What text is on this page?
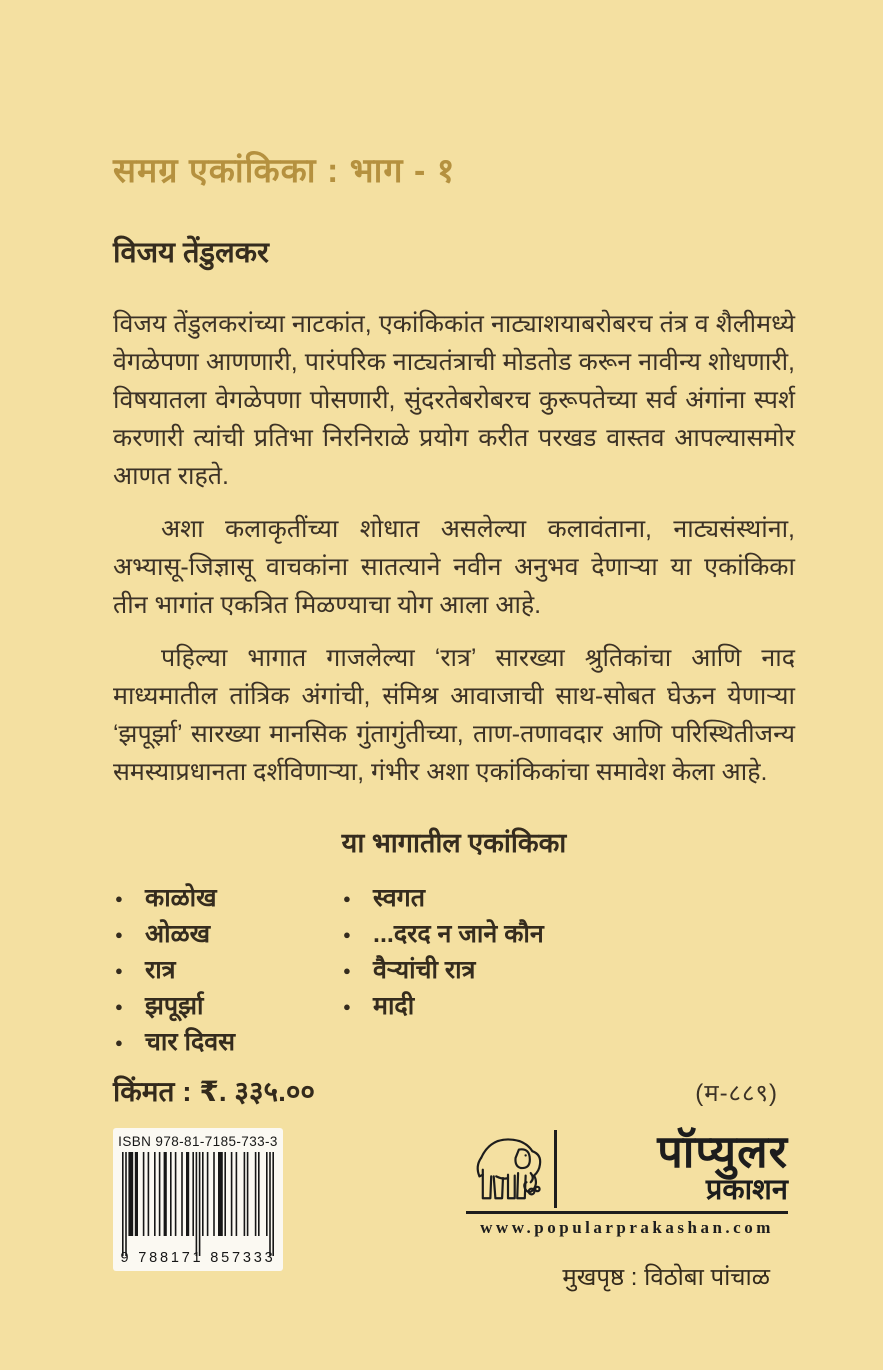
समग्र एकांकिका : भाग - १
विजय तेंडुलकर

विजय तेंडुलकरांच्या नाटकांत, एकांकिकांत नाट्याशयाबरोबरच तंत्र व शैलीमध्ये वेगळेपणा आणणारी, पारंपरिक नाट्यतंत्राची मोडतोड करून नावीन्य शोधणारी, विषयातला वेगळेपणा पोसणारी, सुंदरतेबरोबरच कुरूपतेच्या सर्व अंगांना स्पर्श करणारी त्यांची प्रतिभा निरनिराळे प्रयोग करीत परखड वास्तव आपल्यासमोर आणत राहते.

अशा कलाकृतींच्या शोधात असलेल्या कलावंताना, नाट्यसंस्थांना, अभ्यासू-जिज्ञासू वाचकांना सातत्याने नवीन अनुभव देणाऱ्या या एकांकिका तीन भागांत एकत्रित मिळण्याचा योग आला आहे.

पहिल्या भागात गाजलेल्या ‘रात्र’ सारख्या श्रुतिकांचा आणि नाद माध्यमातील तांत्रिक अंगांची, संमिश्र आवाजाची साथ-सोबत घेऊन येणाऱ्या ‘झपूर्झा’ सारख्या मानसिक गुंतागुंतीच्या, ताण-तणावदार आणि परिस्थितीजन्य समस्याप्रधानता दर्शविणाऱ्या, गंभीर अशा एकांकिकांचा समावेश केला आहे.

या भागातील एकांकिका
● काळोख
● ओळख
● रात्र
● झपूर्झा
● चार दिवस
● स्वगत
● ...दरद न जाने कौन
● वैऱ्यांची रात्र
● मादी
किंमत : ₹. ३३५.००	(म-८८९)
ISBN 978-81-7185-733-3
9 788171 857333
पॉप्युलर
प्रकाशन
www.popularprakashan.com
मुखपृष्ठ : विठोबा पांचाळ
